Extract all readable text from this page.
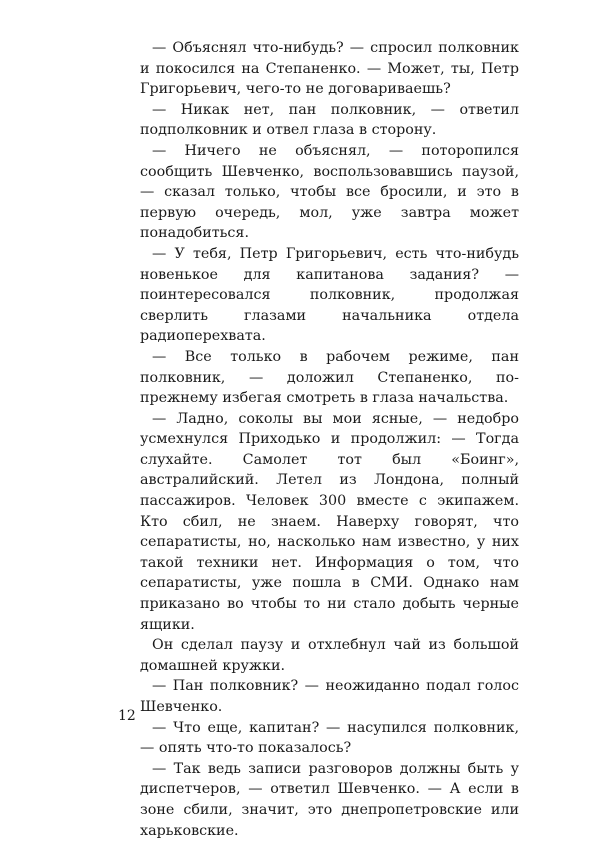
— Объяснял что-нибудь? — спросил полковник и покосился на Степаненко. — Может, ты, Петр Григорьевич, чего-то не договариваешь?

— Никак нет, пан полковник, — ответил подполковник и отвел глаза в сторону.

— Ничего не объяснял, — поторопился сообщить Шевченко, воспользовавшись паузой, — сказал только, чтобы все бросили, и это в первую очередь, мол, уже завтра может понадобиться.

— У тебя, Петр Григорьевич, есть что-нибудь новенькое для капитанова задания? — поинтересовался полковник, продолжая сверлить глазами начальника отдела радиоперехвата.

— Все только в рабочем режиме, пан полковник, — доложил Степаненко, по-прежнему избегая смотреть в глаза начальства.

— Ладно, соколы вы мои ясные, — недобро усмехнулся Приходько и продолжил: — Тогда слухайте. Самолет тот был «Боинг», австралийский. Летел из Лондона, полный пассажиров. Человек 300 вместе с экипажем. Кто сбил, не знаем. Наверху говорят, что сепаратисты, но, насколько нам известно, у них такой техники нет. Информация о том, что сепаратисты, уже пошла в СМИ. Однако нам приказано во чтобы то ни стало добыть черные ящики.

Он сделал паузу и отхлебнул чай из большой домашней кружки.

— Пан полковник? — неожиданно подал голос Шевченко.

— Что еще, капитан? — насупился полковник, — опять что-то показалось?

— Так ведь записи разговоров должны быть у диспетчеров, — ответил Шевченко. — А если в зоне сбили, значит, это днепропетровские или харьковские.

12
